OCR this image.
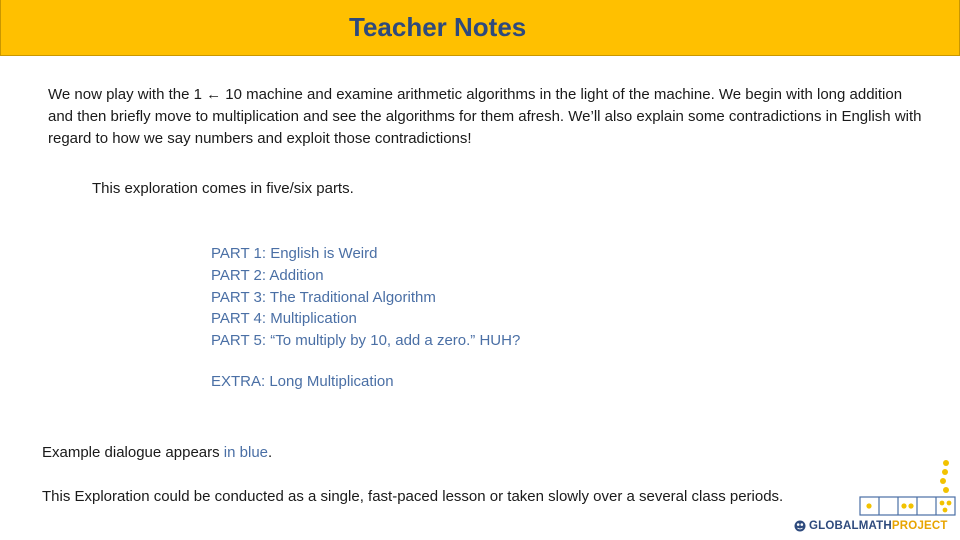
Teacher Notes

We now play with the 1 ← 10 machine and examine arithmetic algorithms in the light of the machine. We begin with long addition and then briefly move to multiplication and see the algorithms for them afresh. We’ll also explain some contradictions in English with regard to how we say numbers and exploit those contradictions!

This exploration comes in five/six parts.

PART 1: English is Weird
PART 2: Addition
PART 3: The Traditional Algorithm
PART 4: Multiplication
PART 5: “To multiply by 10, add a zero.” HUH?

EXTRA: Long Multiplication

Example dialogue appears in blue.

This Exploration could be conducted as a single, fast-paced lesson or taken slowly over a several class periods.

GLOBAL MATH PROJECT
